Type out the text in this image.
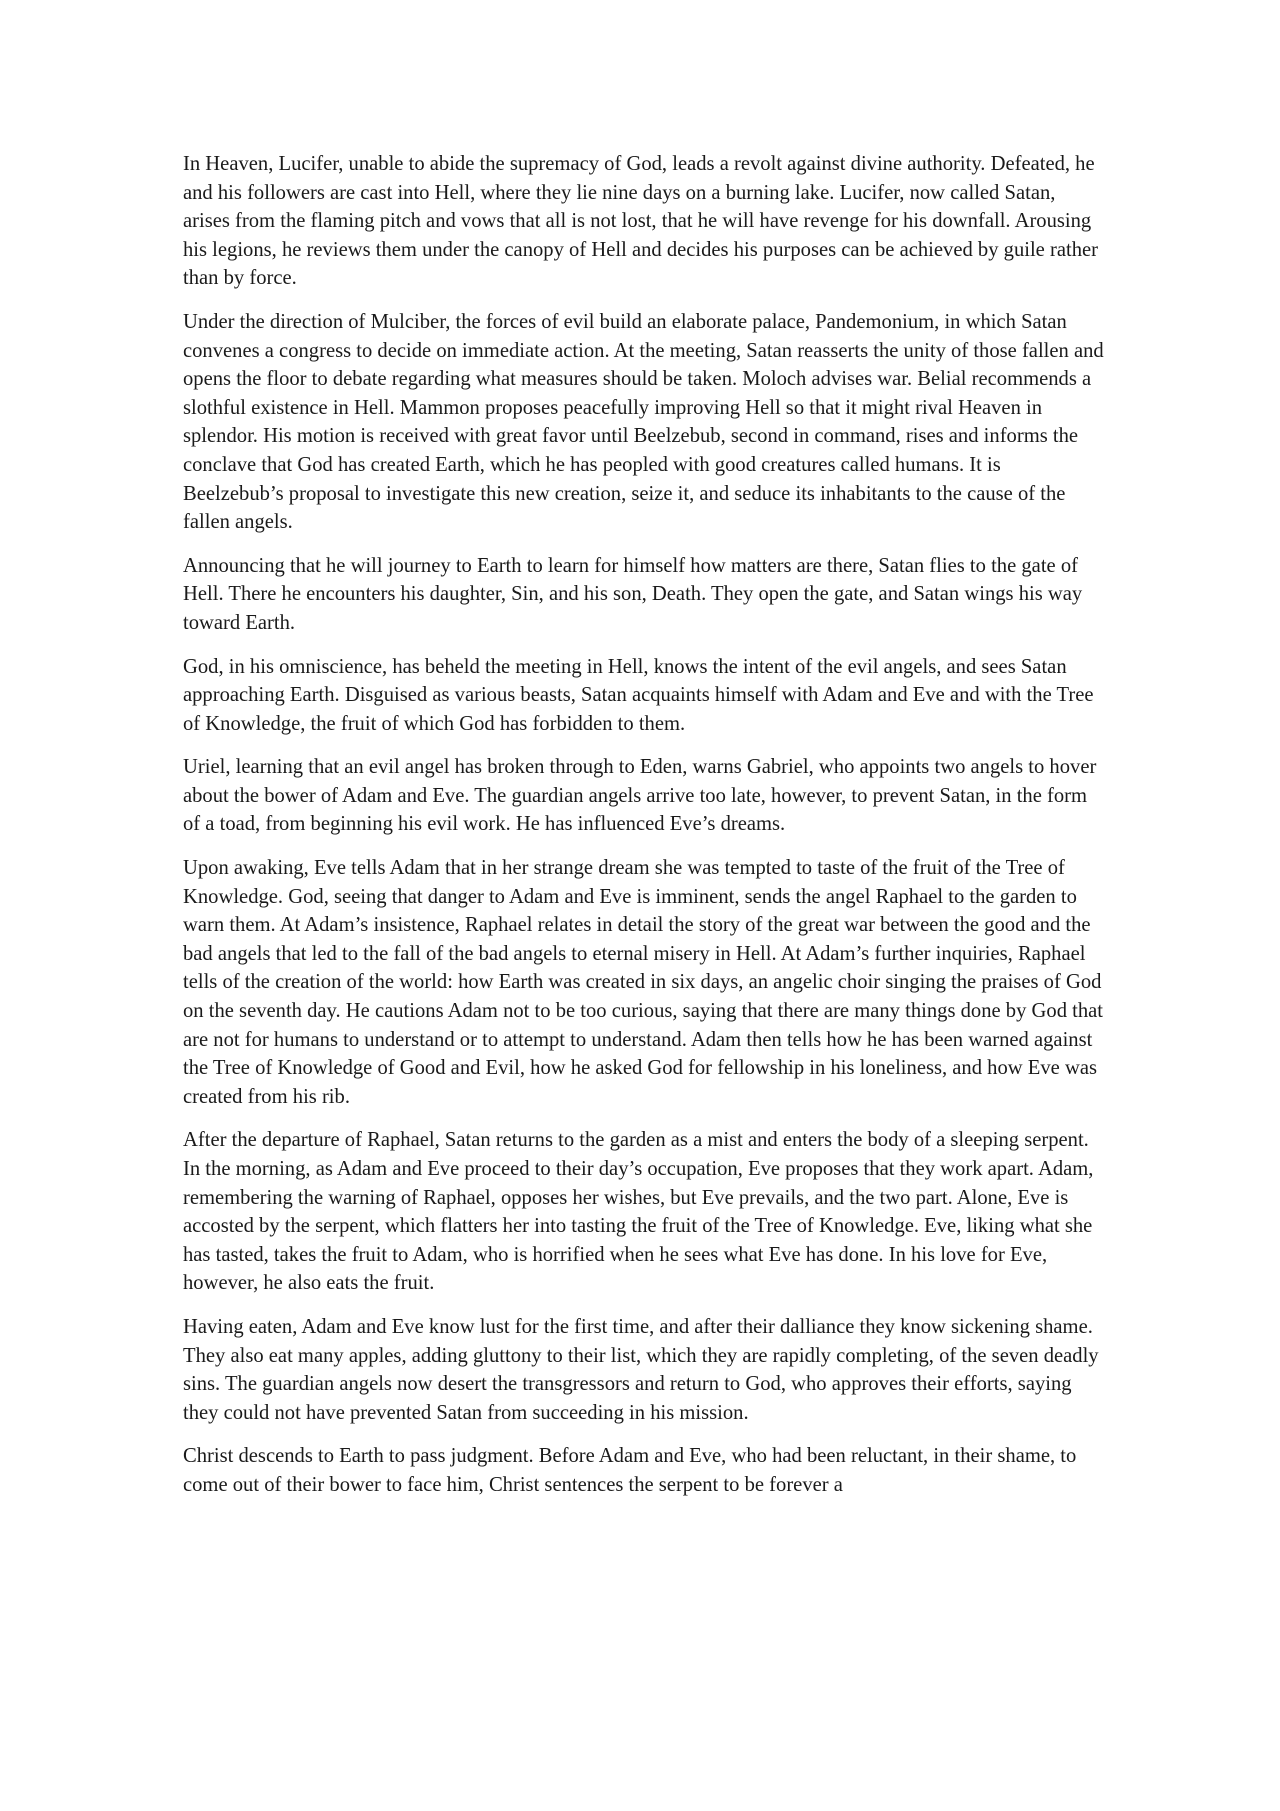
In Heaven, Lucifer, unable to abide the supremacy of God, leads a revolt against divine authority. Defeated, he and his followers are cast into Hell, where they lie nine days on a burning lake. Lucifer, now called Satan, arises from the flaming pitch and vows that all is not lost, that he will have revenge for his downfall. Arousing his legions, he reviews them under the canopy of Hell and decides his purposes can be achieved by guile rather than by force.

Under the direction of Mulciber, the forces of evil build an elaborate palace, Pandemonium, in which Satan convenes a congress to decide on immediate action. At the meeting, Satan reasserts the unity of those fallen and opens the floor to debate regarding what measures should be taken. Moloch advises war. Belial recommends a slothful existence in Hell. Mammon proposes peacefully improving Hell so that it might rival Heaven in splendor. His motion is received with great favor until Beelzebub, second in command, rises and informs the conclave that God has created Earth, which he has peopled with good creatures called humans. It is Beelzebub’s proposal to investigate this new creation, seize it, and seduce its inhabitants to the cause of the fallen angels.

Announcing that he will journey to Earth to learn for himself how matters are there, Satan flies to the gate of Hell. There he encounters his daughter, Sin, and his son, Death. They open the gate, and Satan wings his way toward Earth.

God, in his omniscience, has beheld the meeting in Hell, knows the intent of the evil angels, and sees Satan approaching Earth. Disguised as various beasts, Satan acquaints himself with Adam and Eve and with the Tree of Knowledge, the fruit of which God has forbidden to them.

Uriel, learning that an evil angel has broken through to Eden, warns Gabriel, who appoints two angels to hover about the bower of Adam and Eve. The guardian angels arrive too late, however, to prevent Satan, in the form of a toad, from beginning his evil work. He has influenced Eve’s dreams.

Upon awaking, Eve tells Adam that in her strange dream she was tempted to taste of the fruit of the Tree of Knowledge. God, seeing that danger to Adam and Eve is imminent, sends the angel Raphael to the garden to warn them. At Adam’s insistence, Raphael relates in detail the story of the great war between the good and the bad angels that led to the fall of the bad angels to eternal misery in Hell. At Adam’s further inquiries, Raphael tells of the creation of the world: how Earth was created in six days, an angelic choir singing the praises of God on the seventh day. He cautions Adam not to be too curious, saying that there are many things done by God that are not for humans to understand or to attempt to understand. Adam then tells how he has been warned against the Tree of Knowledge of Good and Evil, how he asked God for fellowship in his loneliness, and how Eve was created from his rib.

After the departure of Raphael, Satan returns to the garden as a mist and enters the body of a sleeping serpent. In the morning, as Adam and Eve proceed to their day’s occupation, Eve proposes that they work apart. Adam, remembering the warning of Raphael, opposes her wishes, but Eve prevails, and the two part. Alone, Eve is accosted by the serpent, which flatters her into tasting the fruit of the Tree of Knowledge. Eve, liking what she has tasted, takes the fruit to Adam, who is horrified when he sees what Eve has done. In his love for Eve, however, he also eats the fruit.

Having eaten, Adam and Eve know lust for the first time, and after their dalliance they know sickening shame. They also eat many apples, adding gluttony to their list, which they are rapidly completing, of the seven deadly sins. The guardian angels now desert the transgressors and return to God, who approves their efforts, saying they could not have prevented Satan from succeeding in his mission.

Christ descends to Earth to pass judgment. Before Adam and Eve, who had been reluctant, in their shame, to come out of their bower to face him, Christ sentences the serpent to be forever a
